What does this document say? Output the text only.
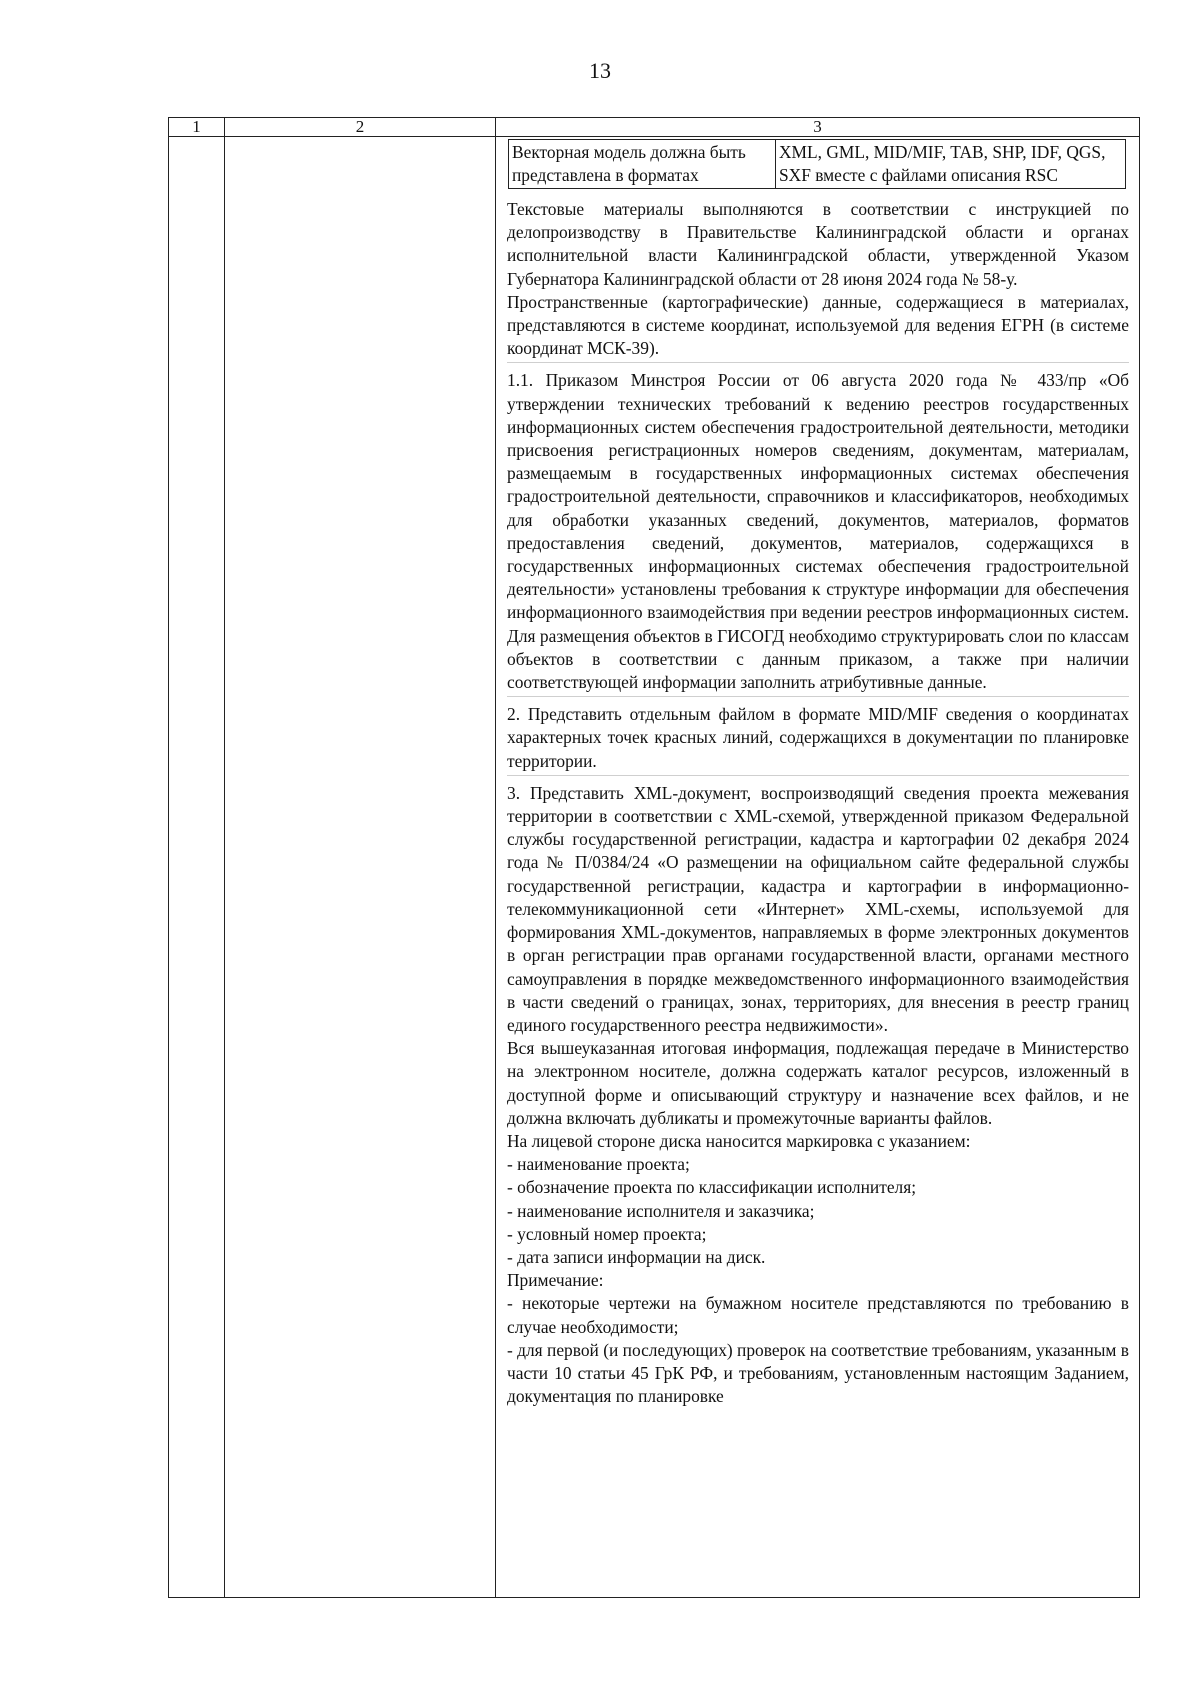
13
1	2	3

Векторная модель должна быть представлена в форматах	XML, GML, MID/MIF, TAB, SHP, IDF, QGS, SXF вместе с файлами описания RSC

Текстовые материалы выполняются в соответствии с инструкцией по делопроизводству в Правительстве Калининградской области и органах исполнительной власти Калининградской области, утвержденной Указом Губернатора Калининградской области от 28 июня 2024 года № 58-у.

Пространственные (картографические) данные, содержащиеся в материалах, представляются в системе координат, используемой для ведения ЕГРН (в системе координат МСК-39).

1.1. Приказом Минстроя России от 06 августа 2020 года № 433/пр «Об утверждении технических требований к ведению реестров государственных информационных систем обеспечения градостроительной деятельности, методики присвоения регистрационных номеров сведениям, документам, материалам, размещаемым в государственных информационных системах обеспечения градостроительной деятельности, справочников и классификаторов, необходимых для обработки указанных сведений, документов, материалов, форматов предоставления сведений, документов, материалов, содержащихся в государственных информационных системах обеспечения градостроительной деятельности» установлены требования к структуре информации для обеспечения информационного взаимодействия при ведении реестров информационных систем. Для размещения объектов в ГИСОГД необходимо структурировать слои по классам объектов в соответствии с данным приказом, а также при наличии соответствующей информации заполнить атрибутивные данные.

2. Представить отдельным файлом в формате MID/MIF сведения о координатах характерных точек красных линий, содержащихся в документации по планировке территории.

3. Представить XML-документ, воспроизводящий сведения проекта межевания территории в соответствии с XML-схемой, утвержденной приказом Федеральной службы государственной регистрации, кадастра и картографии 02 декабря 2024 года № П/0384/24 «О размещении на официальном сайте федеральной службы государственной регистрации, кадастра и картографии в информационно-телекоммуникационной сети «Интернет» XML-схемы, используемой для формирования XML-документов, направляемых в форме электронных документов в орган регистрации прав органами государственной власти, органами местного самоуправления в порядке межведомственного информационного взаимодействия в части сведений о границах, зонах, территориях, для внесения в реестр границ единого государственного реестра недвижимости».

Вся вышеуказанная итоговая информация, подлежащая передаче в Министерство на электронном носителе, должна содержать каталог ресурсов, изложенный в доступной форме и описывающий структуру и назначение всех файлов, и не должна включать дубликаты и промежуточные варианты файлов.

На лицевой стороне диска наносится маркировка с указанием:

- наименование проекта;

- обозначение проекта по классификации исполнителя;

- наименование исполнителя и заказчика;

- условный номер проекта;

- дата записи информации на диск.

Примечание:

- некоторые чертежи на бумажном носителе представляются по требованию в случае необходимости;

- для первой (и последующих) проверок на соответствие требованиям, указанным в части 10 статьи 45 ГрК РФ, и требованиям, установленным настоящим Заданием, документация по планировке
